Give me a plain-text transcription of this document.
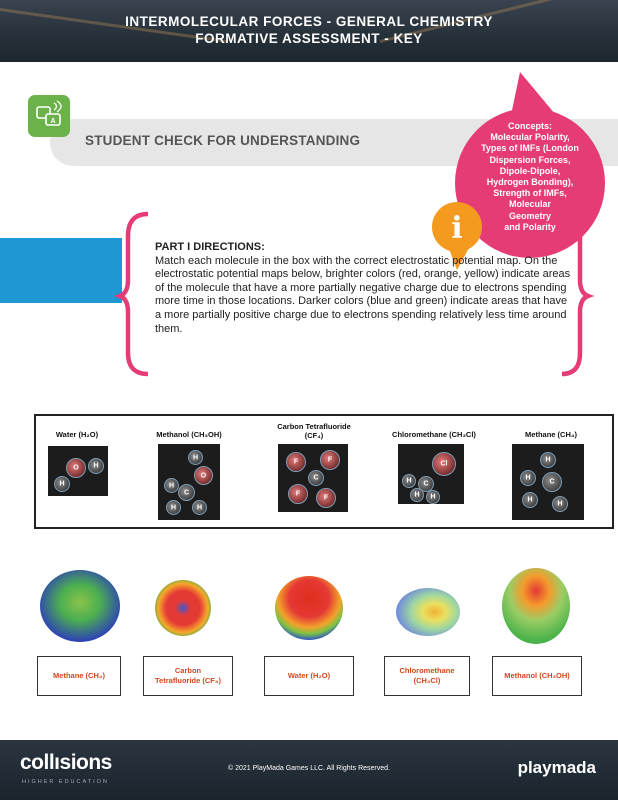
INTERMOLECULAR FORCES - GENERAL CHEMISTRY
FORMATIVE ASSESSMENT - KEY
A
STUDENT CHECK FOR UNDERSTANDING
Concepts:
Molecular Polarity,
Types of IMFs (London
Dispersion Forces,
Dipole-Dipole,
Hydrogen Bonding),
Strength of IMFs,
Molecular
Geometry
and Polarity
i
PART I DIRECTIONS:
Match each molecule in the box with the correct electrostatic potential map. On the electrostatic potential maps below, brighter colors (red, orange, yellow) indicate areas of the molecule that have a more partially negative charge due to electrons spending more time in those locations. Darker colors (blue and green) indicate areas that have a more partially positive charge due to electrons spending relatively less time around them.
Water (H₂O)
O	H
H
Methanol (CH₃OH)
H
O
H
C
H	H
Carbon Tetrafluoride
(CF₄)
F	F
C
F
F
Chloromethane (CH₃Cl)
Cl
H	C
H	H
Methane (CH₄)
H
H
C
H
H
Methane (CH₄)
Carbon
Tetrafluoride (CF₄)
Water (H₂O)
Chloromethane
(CH₃Cl)
Methanol (CH₃OH)
collısions
HIGHER EDUCATION
© 2021 PlayMada Games LLC. All Rights Reserved.	playmada
